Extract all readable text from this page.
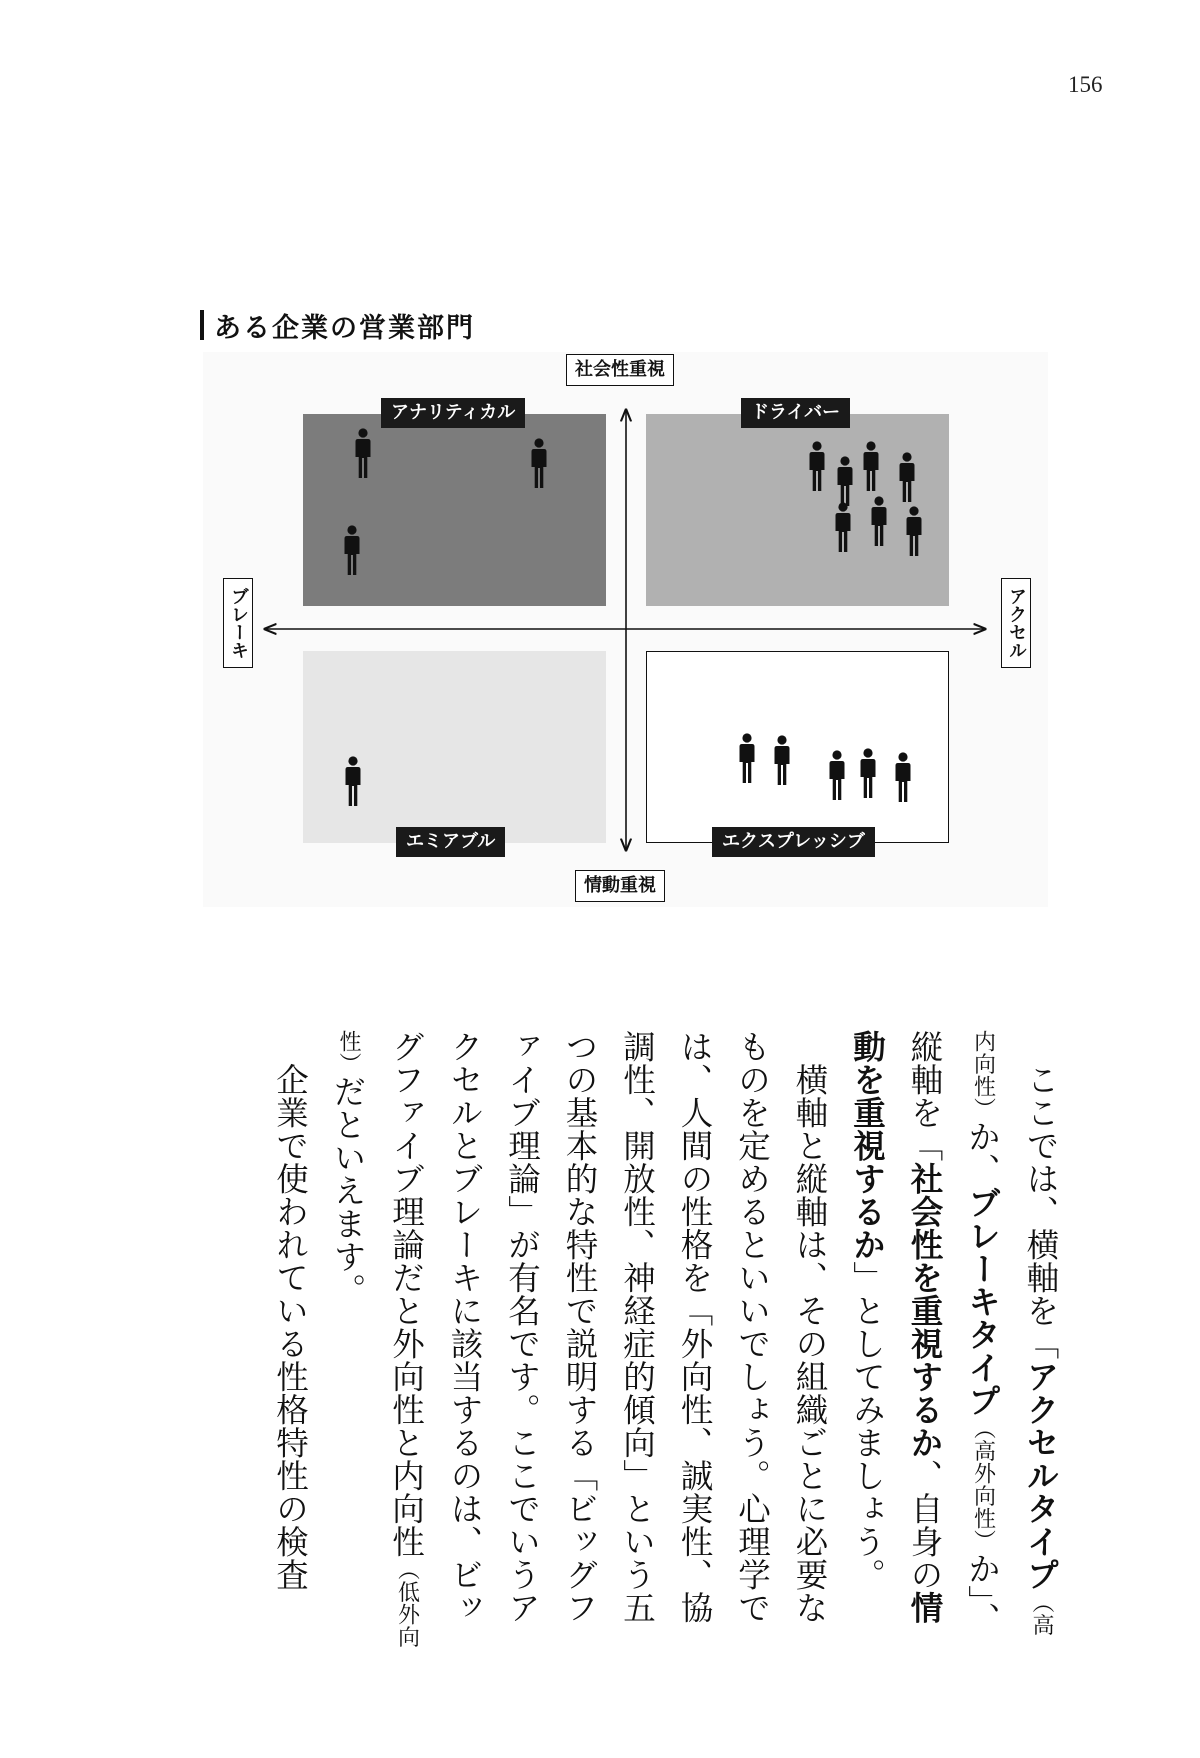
156
ある企業の営業部門
アナリティカル	ドライバー
エミアブル	エクスプレッシブ
社会性重視
情動重視
ブレーキ	アクセル

ここでは、横軸を「アクセルタイプ（高内向性）か、ブレーキタイプ（高外向性）か」、縦軸を「社会性を重視するか、自身の情動を重視するか」としてみましょう。

横軸と縦軸は、その組織ごとに必要なものを定めるといいでしょう。心理学では、人間の性格を「外向性、誠実性、協調性、開放性、神経症的傾向」という五つの基本的な特性で説明する「ビッグファイブ理論」が有名です。ここでいうアクセルとブレーキに該当するのは、ビッグファイブ理論だと外向性と内向性（低外向性）だといえます。

企業で使われている性格特性の検査
